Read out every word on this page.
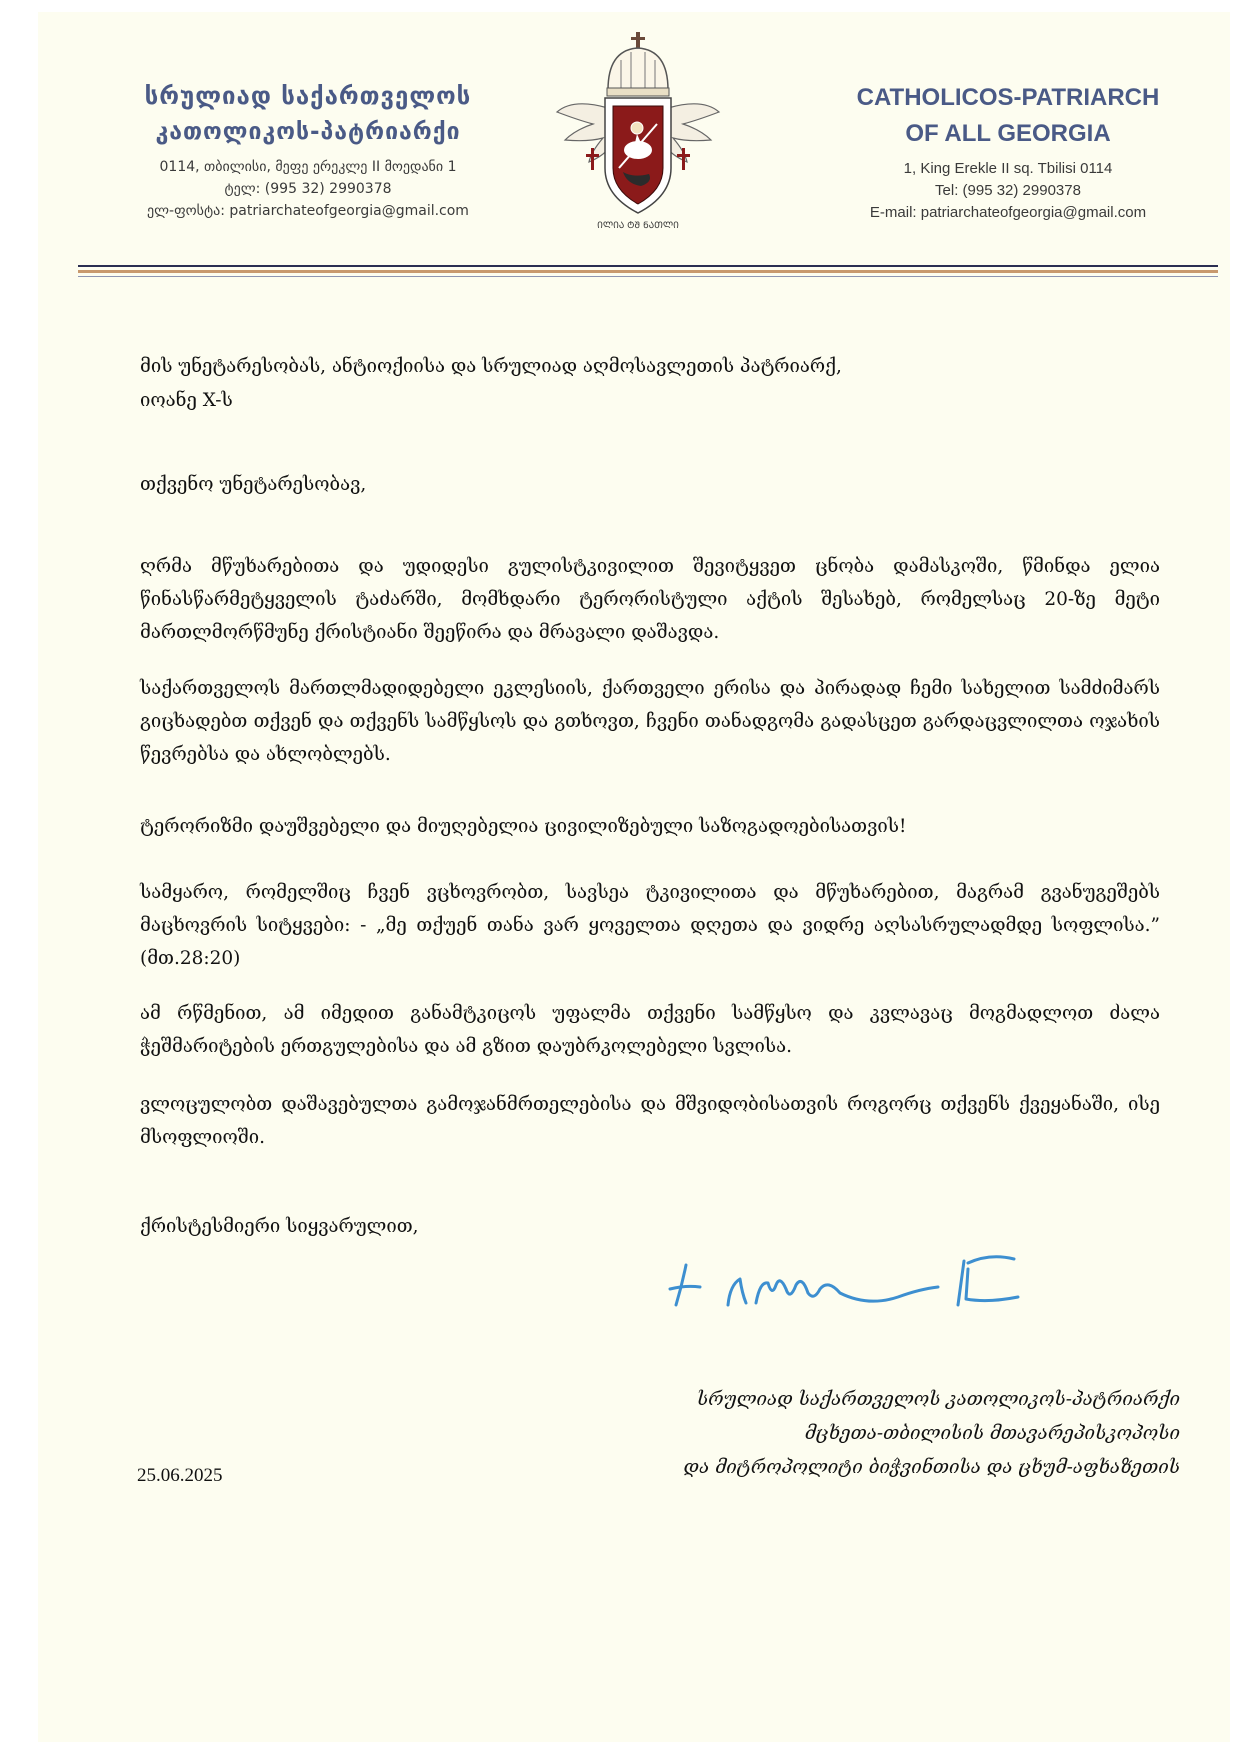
სრულიად საქართველოს
კათოლიკოს-პატრიარქი
0114, თბილისი, მეფე ერეკლე II მოედანი 1
ტელ: (995 32) 2990378
ელ-ფოსტა: patriarchateofgeorgia@gmail.com
ᲘᲚᲘᲐ ᲢᲨ ᲜᲐᲗᲚᲘ
CATHOLICOS-PATRIARCH
OF ALL GEORGIA
1, King Erekle II sq. Tbilisi 0114
Tel: (995 32) 2990378
E-mail: patriarchateofgeorgia@gmail.com
მის უნეტარესობას, ანტიოქიისა და სრულიად აღმოსავლეთის პატრიარქ,
იოანე X-ს
თქვენო უნეტარესობავ,
ღრმა მწუხარებითა და უდიდესი გულისტკივილით შევიტყვეთ ცნობა დამასკოში, წმინდა ელია წინასწარმეტყველის ტაძარში, მომხდარი ტერორისტული აქტის შესახებ, რომელსაც 20-ზე მეტი მართლმორწმუნე ქრისტიანი შეეწირა და მრავალი დაშავდა.
საქართველოს მართლმადიდებელი ეკლესიის, ქართველი ერისა და პირადად ჩემი სახელით სამძიმარს გიცხადებთ თქვენ და თქვენს სამწყსოს და გთხოვთ, ჩვენი თანადგომა გადასცეთ გარდაცვლილთა ოჯახის წევრებსა და ახლობლებს.
ტერორიზმი დაუშვებელი და მიუღებელია ცივილიზებული საზოგადოებისათვის!
სამყარო, რომელშიც ჩვენ ვცხოვრობთ, სავსეა ტკივილითა და მწუხარებით, მაგრამ გვანუგეშებს მაცხოვრის სიტყვები: - „მე თქუენ თანა ვარ ყოველთა დღეთა და ვიდრე აღსასრულადმდე სოფლისა.” (მთ.28:20)
ამ რწმენით, ამ იმედით განამტკიცოს უფალმა თქვენი სამწყსო და კვლავაც მოგმადლოთ ძალა ჭეშმარიტების ერთგულებისა და ამ გზით დაუბრკოლებელი სვლისა.
ვლოცულობთ დაშავებულთა გამოჯანმრთელებისა და მშვიდობისათვის როგორც თქვენს ქვეყანაში, ისე მსოფლიოში.
ქრისტესმიერი სიყვარულით,
სრულიად საქართველოს კათოლიკოს-პატრიარქი
მცხეთა-თბილისის მთავარეპისკოპოსი
და მიტროპოლიტი ბიჭვინთისა და ცხუმ-აფხაზეთის
25.06.2025
